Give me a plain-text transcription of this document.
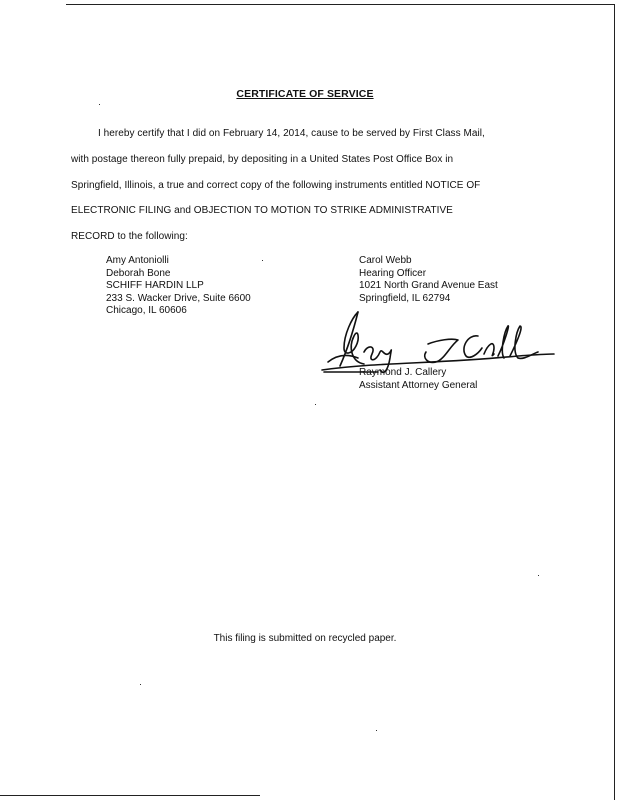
CERTIFICATE OF SERVICE
I hereby certify that I did on February 14, 2014, cause to be served by First Class Mail,
with postage thereon fully prepaid, by depositing in a United States Post Office Box in
Springfield, Illinois, a true and correct copy of the following instruments entitled NOTICE OF
ELECTRONIC FILING and OBJECTION TO MOTION TO STRIKE ADMINISTRATIVE
RECORD to the following:
Amy Antoniolli
Deborah Bone
SCHIFF HARDIN LLP
233 S. Wacker Drive, Suite 6600
Chicago, IL 60606
Carol Webb
Hearing Officer
1021 North Grand Avenue East
Springfield, IL 62794
Raymond J. Callery
Assistant Attorney General
This filing is submitted on recycled paper.
